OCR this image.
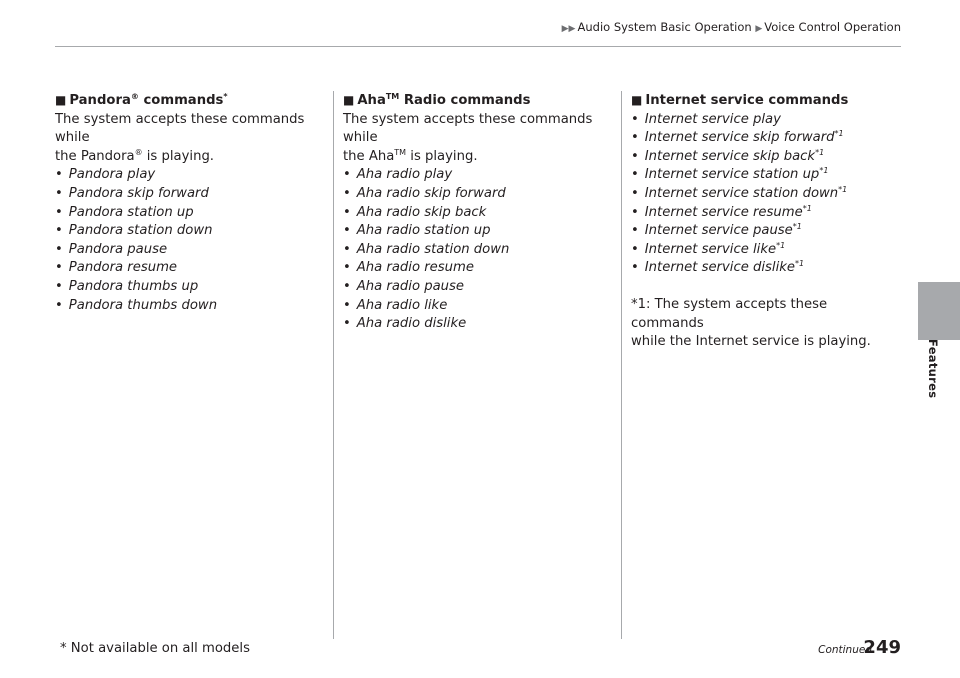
▶▶ Audio System Basic Operation ▶ Voice Control Operation
Features

■ Pandora® commands*

The system accepts these commands while
the Pandora® is playing.

• Pandora play
• Pandora skip forward
• Pandora station up
• Pandora station down
• Pandora pause
• Pandora resume
• Pandora thumbs up
• Pandora thumbs down

■ Aha™ Radio commands

The system accepts these commands while
the Aha™ is playing.

• Aha radio play
• Aha radio skip forward
• Aha radio skip back
• Aha radio station up
• Aha radio station down
• Aha radio resume
• Aha radio pause
• Aha radio like
• Aha radio dislike

■ Internet service commands

• Internet service play
• Internet service skip forward$^{*1}$
• Internet service skip back$^{*1}$
• Internet service station $up^{*1}$
• Internet service station down$^{*1}$
• Internet service resume$^{*1}$
• Internet service pause$^{*1}$
• Internet service like$^{*1}$
• Internet service dislike$^{*1}$

*1: The system accepts these commands
while the Internet service is playing.

* Not available on all models	Continued
249
